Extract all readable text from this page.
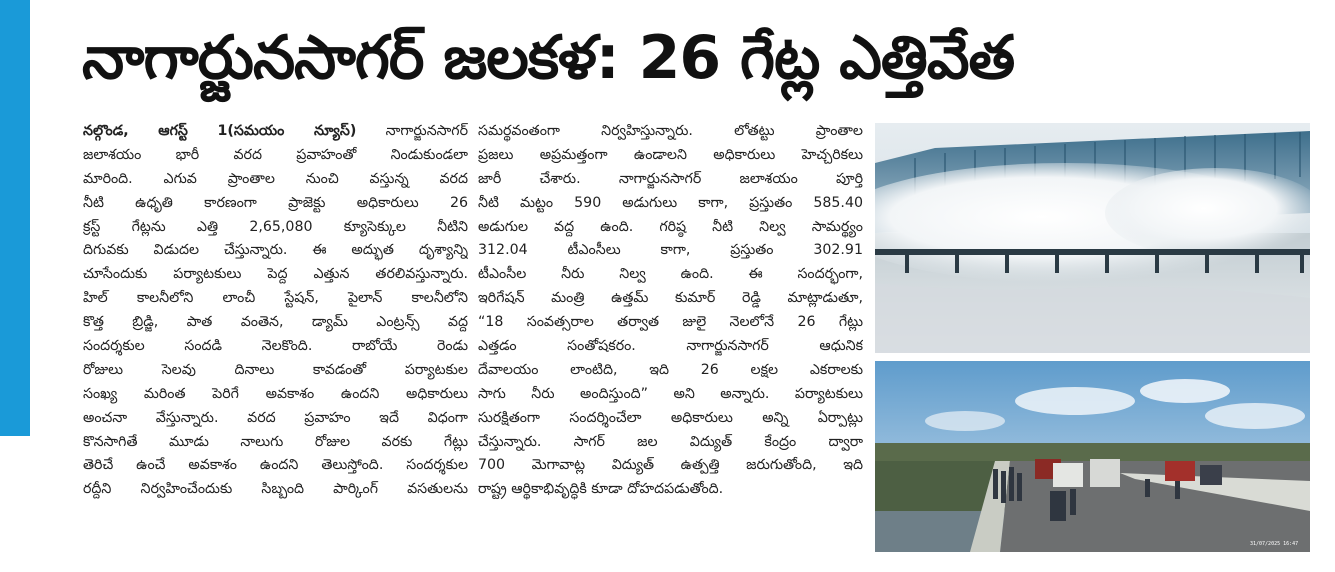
నాగార్జునసాగర్ జలకళ: 26 గేట్ల ఎత్తివేత
నల్గొండ, ఆగస్ట్ 1(సమయం న్యూస్) నాగార్జునసాగర్
జలాశయం భారీ వరద ప్రవాహంతో నిండుకుండలా
మారింది. ఎగువ ప్రాంతాల నుంచి వస్తున్న వరద
నీటి ఉధృతి కారణంగా ప్రాజెక్టు అధికారులు 26
క్రస్ట్ గేట్లను ఎత్తి 2,65,080 క్యూసెక్కుల నీటిని
దిగువకు విడుదల చేస్తున్నారు. ఈ అద్భుత దృశ్యాన్ని
చూసేందుకు పర్యాటకులు పెద్ద ఎత్తున తరలివస్తున్నారు.
హిల్ కాలనీలోని లాంచీ స్టేషన్, పైలాన్ కాలనీలోని
కొత్త బ్రిడ్జి, పాత వంతెన, డ్యామ్ ఎంట్రన్స్ వద్ద
సందర్శకుల సందడి నెలకొంది. రాబోయే రెండు
రోజులు సెలవు దినాలు కావడంతో పర్యాటకుల
సంఖ్య మరింత పెరిగే అవకాశం ఉందని అధికారులు
అంచనా వేస్తున్నారు. వరద ప్రవాహం ఇదే విధంగా
కొనసాగితే మూడు నాలుగు రోజుల వరకు గేట్లు
తెరిచే ఉంచే అవకాశం ఉందని తెలుస్తోంది. సందర్శకుల
రద్దీని నిర్వహించేందుకు సిబ్బంది పార్కింగ్ వసతులను
సమర్థవంతంగా నిర్వహిస్తున్నారు. లోతట్టు ప్రాంతాల
ప్రజలు అప్రమత్తంగా ఉండాలని అధికారులు హెచ్చరికలు
జారీ చేశారు. నాగార్జునసాగర్ జలాశయం పూర్తి
నీటి మట్టం 590 అడుగులు కాగా, ప్రస్తుతం 585.40
అడుగుల వద్ద ఉంది. గరిష్ఠ నీటి నిల్వ సామర్థ్యం
312.04 టీఎంసీలు కాగా, ప్రస్తుతం 302.91
టీఎంసీల నీరు నిల్వ ఉంది. ఈ సందర్భంగా,
ఇరిగేషన్ మంత్రి ఉత్తమ్ కుమార్ రెడ్డి మాట్లాడుతూ,
“18 సంవత్సరాల తర్వాత జులై నెలలోనే 26 గేట్లు
ఎత్తడం సంతోషకరం. నాగార్జునసాగర్ ఆధునిక
దేవాలయం లాంటిది, ఇది 26 లక్షల ఎకరాలకు
సాగు నీరు అందిస్తుంది” అని అన్నారు. పర్యాటకులు
సురక్షితంగా సందర్శించేలా అధికారులు అన్ని ఏర్పాట్లు
చేస్తున్నారు. సాగర్ జల విద్యుత్ కేంద్రం ద్వారా
700 మెగావాట్ల విద్యుత్ ఉత్పత్తి జరుగుతోంది, ఇది
రాష్ట్ర ఆర్థికాభివృద్ధికి కూడా దోహదపడుతోంది.
31/07/2025 16:47
